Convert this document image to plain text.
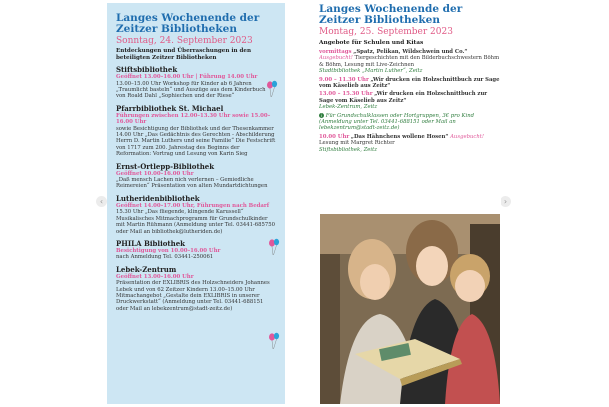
‹	›
Langes Wochenende der Zeitzer Bibliotheken
Sonntag, 24. September 2023
Entdeckungen und Überraschungen in den beteiligten Zeitzer Bibliotheken
Stiftsbibliothek
Geöffnet 13.00–16.00 Uhr | Führung 14.00 Uhr
13.00–15.00 Uhr Workshop für Kinder ab 6 Jahren „Traumlicht basteln“ und Auszüge aus dem Kinderbuch von Roald Dahl „Sophiechen und der Riese“
Pfarrbibliothek St. Michael
Führungen zwischen 12.00–13.30 Uhr sowie 15.00–16.00 Uhr
sowie Besichtigung der Bibliothek und der Thesenkammer 14.00 Uhr „Das Gedächtnis des Gerechten - Abschilderung Herrn D. Martin Luthers und seine Familie“ Die Festschrift von 1717 zum 200. Jahrestag des Beginns der Reformation: Vortrag und Lesung von Karin Sieg
Ernst-Ortlepp-Bibliothek
Geöffnet 10.00–16.00 Uhr
„Daß mensch Lachen nich verlernen – Gemiedliche Reimereien“ Präsentation von alten Mundartdichtungen
Lutheridenbibliothek
Geöffnet 14.00–17.00 Uhr, Führungen nach Bedarf
15.30 Uhr „Das fliegende, klingende Karussell“ Musikalisches Mitmachprogramm für Grundschulkinder mit Martin Rühmann (Anmeldung unter Tel. 03441-685750 oder Mail an bibliothek@lutheriden.de)
PHILA Bibliothek
Besichtigung von 10.00–16.00 Uhr
nach Anmeldung Tel. 03441-250061
Lebek-Zentrum
Geöffnet 13.00–16.00 Uhr
Präsentation der EXLIBRIS des Holzschneiders Johannes Lebek und von 62 Zeitzer Kindern 13.00–15.00 Uhr Mitmachangebot „Gestalte dein EXLIBRIS in unserer Druckwerkstatt“ (Anmeldung unter Tel. 03441-688151 oder Mail an lebekzentrum@stadt-zeitz.de)
Langes Wochenende der Zeitzer Bibliotheken
Montag, 25. September 2023
Angebote für Schulen und Kitas
vormittags „Spatz, Pelikan, Wildschwein und Co.“ Ausgebucht! Tiergeschichten mit den Bilderbuchschwestern Böhm & Böhm, Lesung mit Live-Zeichnen
Stadtbibliothek „Martin Luther“, Zeitz
9.00 – 11.30 Uhr „Wir drucken ein Holzschnittbuch zur Sage vom Käselieb aus Zeitz“
13.00 – 15.30 Uhr „Wir drucken ein Holzschnittbuch zur Sage vom Käselieb aus Zeitz“
Lebek-Zentrum, Zeitz
i Für Grundschulklassen oder Hortgruppen, 3€ pro Kind (Anmeldung unter Tel. 03441-688151 oder Mail an lebekzentrum@stadt-zeitz.de)
10.00 Uhr „Das Hähnchens wollene Hosen“ Ausgebucht! Lesung mit Margret Richter
Stiftsbibliothek, Zeitz
